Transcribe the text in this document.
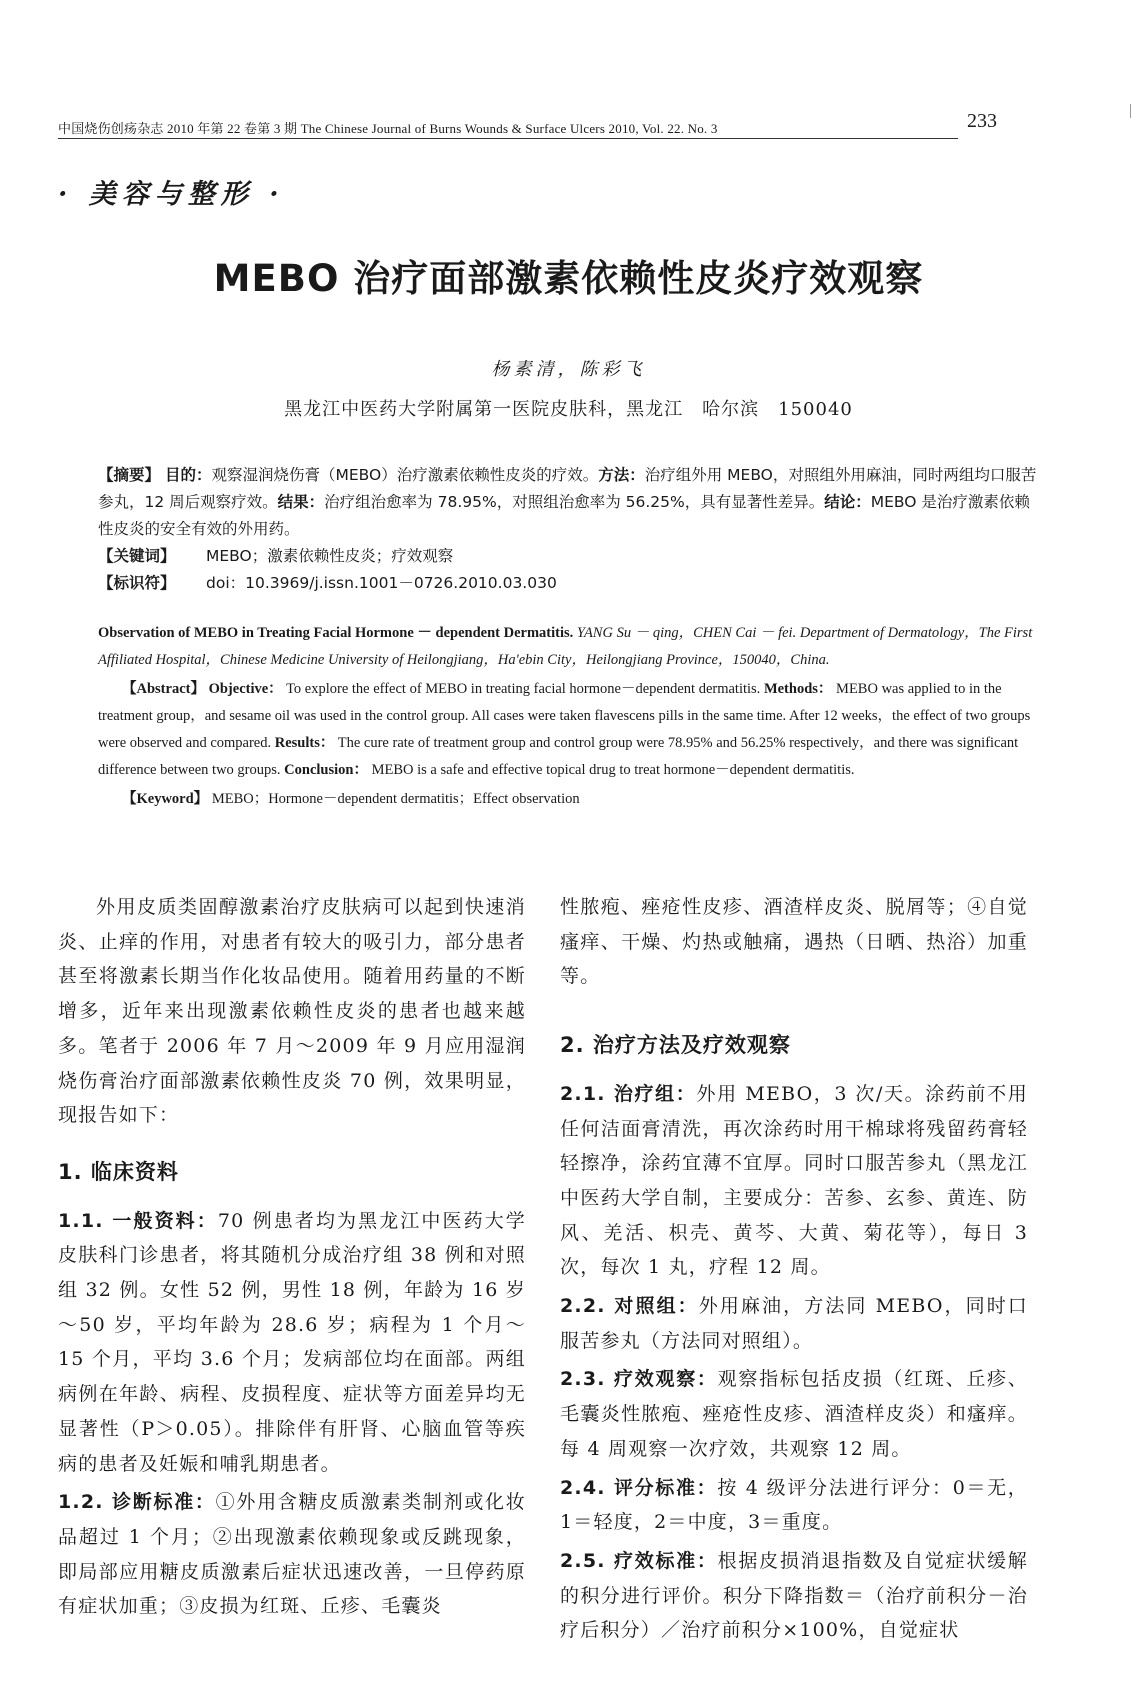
中国烧伤创疡杂志 2010 年第 22 卷第 3 期 The Chinese Journal of Burns Wounds & Surface Ulcers 2010, Vol. 22. No. 3	233
· 美容与整形 ·
MEBO 治疗面部激素依赖性皮炎疗效观察
杨素清，陈彩飞
黑龙江中医药大学附属第一医院皮肤科，黑龙江　哈尔滨　150040
【摘要】 目的：观察湿润烧伤膏（MEBO）治疗激素依赖性皮炎的疗效。方法：治疗组外用 MEBO，对照组外用麻油，同时两组均口服苦参丸，12 周后观察疗效。结果：治疗组治愈率为 78.95%，对照组治愈率为 56.25%，具有显著性差异。结论：MEBO 是治疗激素依赖性皮炎的安全有效的外用药。
【关键词】	MEBO；激素依赖性皮炎；疗效观察
【标识符】	doi：10.3969/j.issn.1001－0726.2010.03.030
Observation of MEBO in Treating Facial Hormone － dependent Dermatitis. YANG Su － qing，CHEN Cai － fei. Department of Dermatology，The First Affiliated Hospital，Chinese Medicine University of Heilongjiang，Ha'ebin City，Heilongjiang Province，150040，China.
【Abstract】 Objective： To explore the effect of MEBO in treating facial hormone－dependent dermatitis. Methods： MEBO was applied to in the treatment group，and sesame oil was used in the control group. All cases were taken flavescens pills in the same time. After 12 weeks，the effect of two groups were observed and compared. Results： The cure rate of treatment group and control group were 78.95% and 56.25% respectively，and there was significant difference between two groups. Conclusion： MEBO is a safe and effective topical drug to treat hormone－dependent dermatitis.
【Keyword】 MEBO；Hormone－dependent dermatitis；Effect observation

外用皮质类固醇激素治疗皮肤病可以起到快速消炎、止痒的作用，对患者有较大的吸引力，部分患者甚至将激素长期当作化妆品使用。随着用药量的不断增多，近年来出现激素依赖性皮炎的患者也越来越多。笔者于 2006 年 7 月～2009 年 9 月应用湿润烧伤膏治疗面部激素依赖性皮炎 70 例，效果明显，现报告如下：

1. 临床资料

1.1. 一般资料：70 例患者均为黑龙江中医药大学皮肤科门诊患者，将其随机分成治疗组 38 例和对照组 32 例。女性 52 例，男性 18 例，年龄为 16 岁～50 岁，平均年龄为 28.6 岁；病程为 1 个月～15 个月，平均 3.6 个月；发病部位均在面部。两组病例在年龄、病程、皮损程度、症状等方面差异均无显著性（P＞0.05）。排除伴有肝肾、心脑血管等疾病的患者及妊娠和哺乳期患者。

1.2. 诊断标准：①外用含糖皮质激素类制剂或化妆品超过 1 个月；②出现激素依赖现象或反跳现象，即局部应用糖皮质激素后症状迅速改善，一旦停药原有症状加重；③皮损为红斑、丘疹、毛囊炎

性脓疱、痤疮性皮疹、酒渣样皮炎、脱屑等；④自觉瘙痒、干燥、灼热或触痛，遇热（日晒、热浴）加重等。

2. 治疗方法及疗效观察

2.1. 治疗组：外用 MEBO，3 次/天。涂药前不用任何洁面膏清洗，再次涂药时用干棉球将残留药膏轻轻擦净，涂药宜薄不宜厚。同时口服苦参丸（黑龙江中医药大学自制，主要成分：苦参、玄参、黄连、防风、羌活、枳壳、黄芩、大黄、菊花等），每日 3 次，每次 1 丸，疗程 12 周。

2.2. 对照组：外用麻油，方法同 MEBO，同时口服苦参丸（方法同对照组）。

2.3. 疗效观察：观察指标包括皮损（红斑、丘疹、毛囊炎性脓疱、痤疮性皮疹、酒渣样皮炎）和瘙痒。每 4 周观察一次疗效，共观察 12 周。

2.4. 评分标准：按 4 级评分法进行评分：0＝无，1＝轻度，2＝中度，3＝重度。

2.5. 疗效标准：根据皮损消退指数及自觉症状缓解的积分进行评价。积分下降指数＝（治疗前积分－治疗后积分）／治疗前积分×100%，自觉症状
